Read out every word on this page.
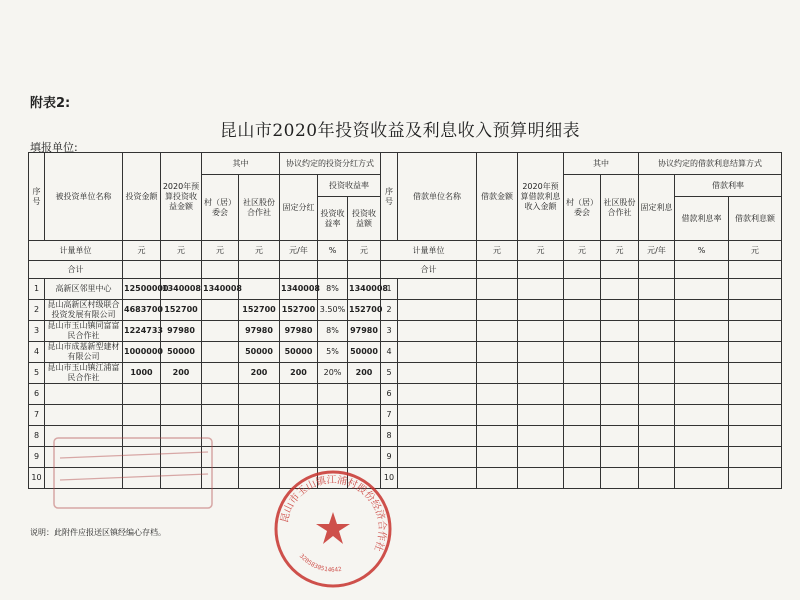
附表2:
昆山市2020年投资收益及利息收入预算明细表
填报单位:
序号	被投资单位名称	投资金额	2020年预算投资收益金额	其中		协议约定的投资分红方式			序号	借款单位名称	借款金额	2020年预算借款利息收入金额	其中		协议约定的借款利息结算方式		
				村（居）委会	社区股份合作社	固定分红	投资收益率						村（居）委会	社区股份合作社	固定利息	借款利率	
							投资收益率	投资收益额								借款利息率	借款利息额
计量单位		元	元	元	元	元/年	%	元	计量单位		元	元	元	元	元/年	%	元
合计									合计								
1	高新区邻里中心	12500000	1340008	1340008		1340008	8%	1340008	1								
2	昆山高新区村级联合投资发展有限公司	4683700	152700		152700	152700	3.50%	152700	2								
3	昆山市玉山镇同富富民合作社	1224733	97980		97980	97980	8%	97980	3								
4	昆山市成基新型建材有限公司	1000000	50000		50000	50000	5%	50000	4								
5	昆山市玉山镇江浦富民合作社	1000	200		200	200	20%	200	5								
6									6								
7									7								
8									8								
9									9								
10									10								
说明：此附件应报送区镇经编心存档。
昆山市玉山镇江浦村股份经济合作社
3205830514642
